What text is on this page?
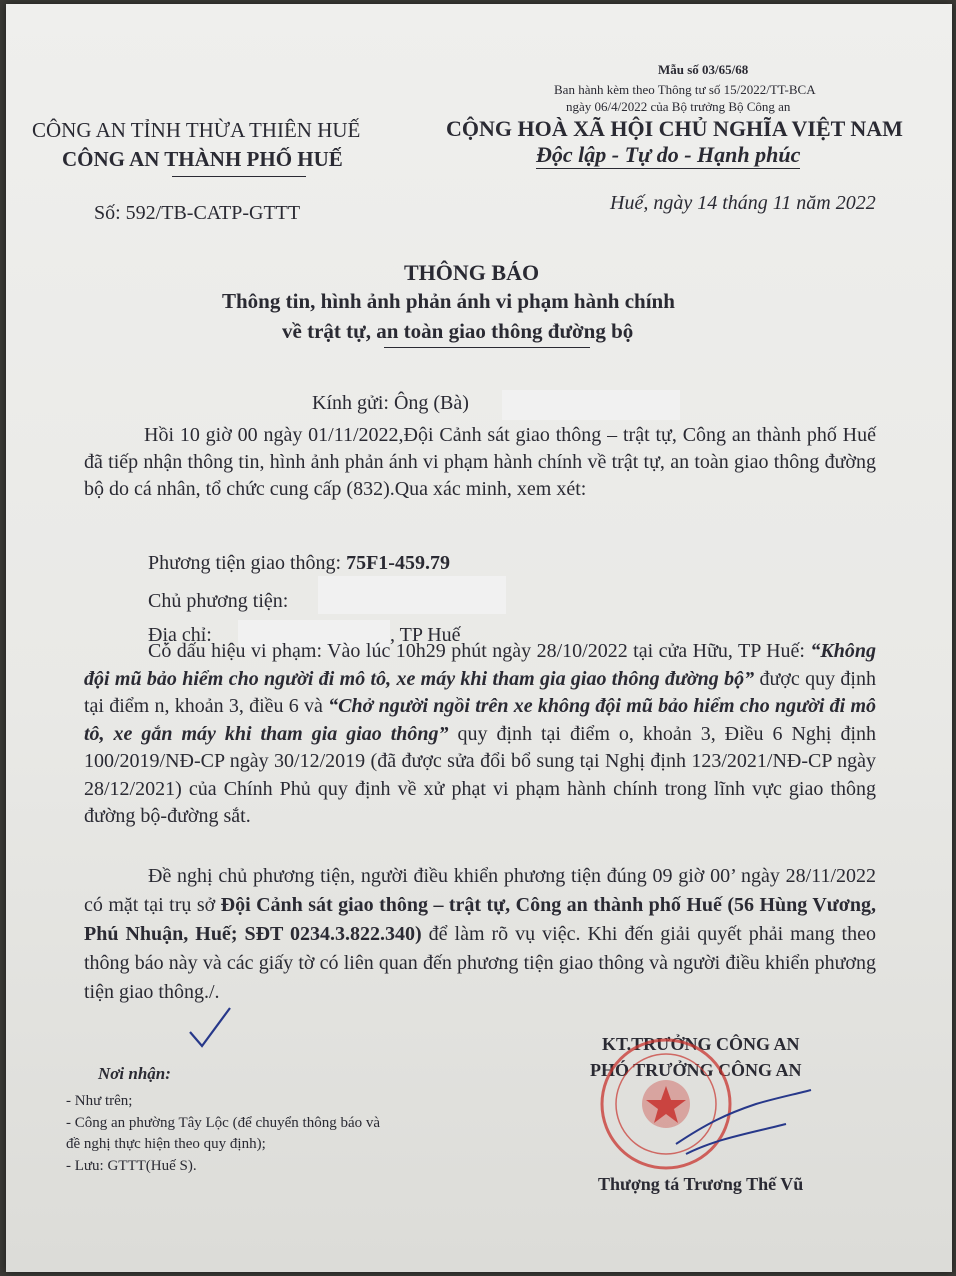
Mẫu số 03/65/68
Ban hành kèm theo Thông tư số 15/2022/TT-BCA
ngày 06/4/2022 của Bộ trưởng Bộ Công an
CÔNG AN TỈNH THỪA THIÊN HUẾ
CÔNG AN THÀNH PHỐ HUẾ
Số: 592/TB-CATP-GTTT
CỘNG HOÀ XÃ HỘI CHỦ NGHĨA VIỆT NAM
Độc lập - Tự do - Hạnh phúc
Huế, ngày 14 tháng 11 năm 2022
THÔNG BÁO
Thông tin, hình ảnh phản ánh vi phạm hành chính
về trật tự, an toàn giao thông đường bộ
Kính gửi: Ông (Bà)
Hồi 10 giờ 00 ngày 01/11/2022,Đội Cảnh sát giao thông – trật tự, Công an thành phố Huế đã tiếp nhận thông tin, hình ảnh phản ánh vi phạm hành chính về trật tự, an toàn giao thông đường bộ do cá nhân, tổ chức cung cấp (832).Qua xác minh, xem xét:
Phương tiện giao thông: 75F1-459.79
Chủ phương tiện:
Địa chỉ:	, TP Huế
Có dấu hiệu vi phạm: Vào lúc 10h29 phút ngày 28/10/2022 tại cửa Hữu, TP Huế: “Không đội mũ bảo hiểm cho người đi mô tô, xe máy khi tham gia giao thông đường bộ” được quy định tại điểm n, khoản 3, điều 6 và “Chở người ngồi trên xe không đội mũ bảo hiểm cho người đi mô tô, xe gắn máy khi tham gia giao thông” quy định tại điểm o, khoản 3, Điều 6 Nghị định 100/2019/NĐ-CP ngày 30/12/2019 (đã được sửa đổi bổ sung tại Nghị định 123/2021/NĐ-CP ngày 28/12/2021) của Chính Phủ quy định về xử phạt vi phạm hành chính trong lĩnh vực giao thông đường bộ-đường sắt.
Đề nghị chủ phương tiện, người điều khiển phương tiện đúng 09 giờ 00’ ngày 28/11/2022 có mặt tại trụ sở Đội Cảnh sát giao thông – trật tự, Công an thành phố Huế (56 Hùng Vương, Phú Nhuận, Huế; SĐT 0234.3.822.340) để làm rõ vụ việc. Khi đến giải quyết phải mang theo thông báo này và các giấy tờ có liên quan đến phương tiện giao thông và người điều khiển phương tiện giao thông./.
Nơi nhận:
- Như trên;
- Công an phường Tây Lộc (để chuyển thông báo và
đề nghị thực hiện theo quy định);
- Lưu: GTTT(Huế S).
KT.TRƯỞNG CÔNG AN
PHÓ TRƯỞNG CÔNG AN
Thượng tá Trương Thế Vũ
